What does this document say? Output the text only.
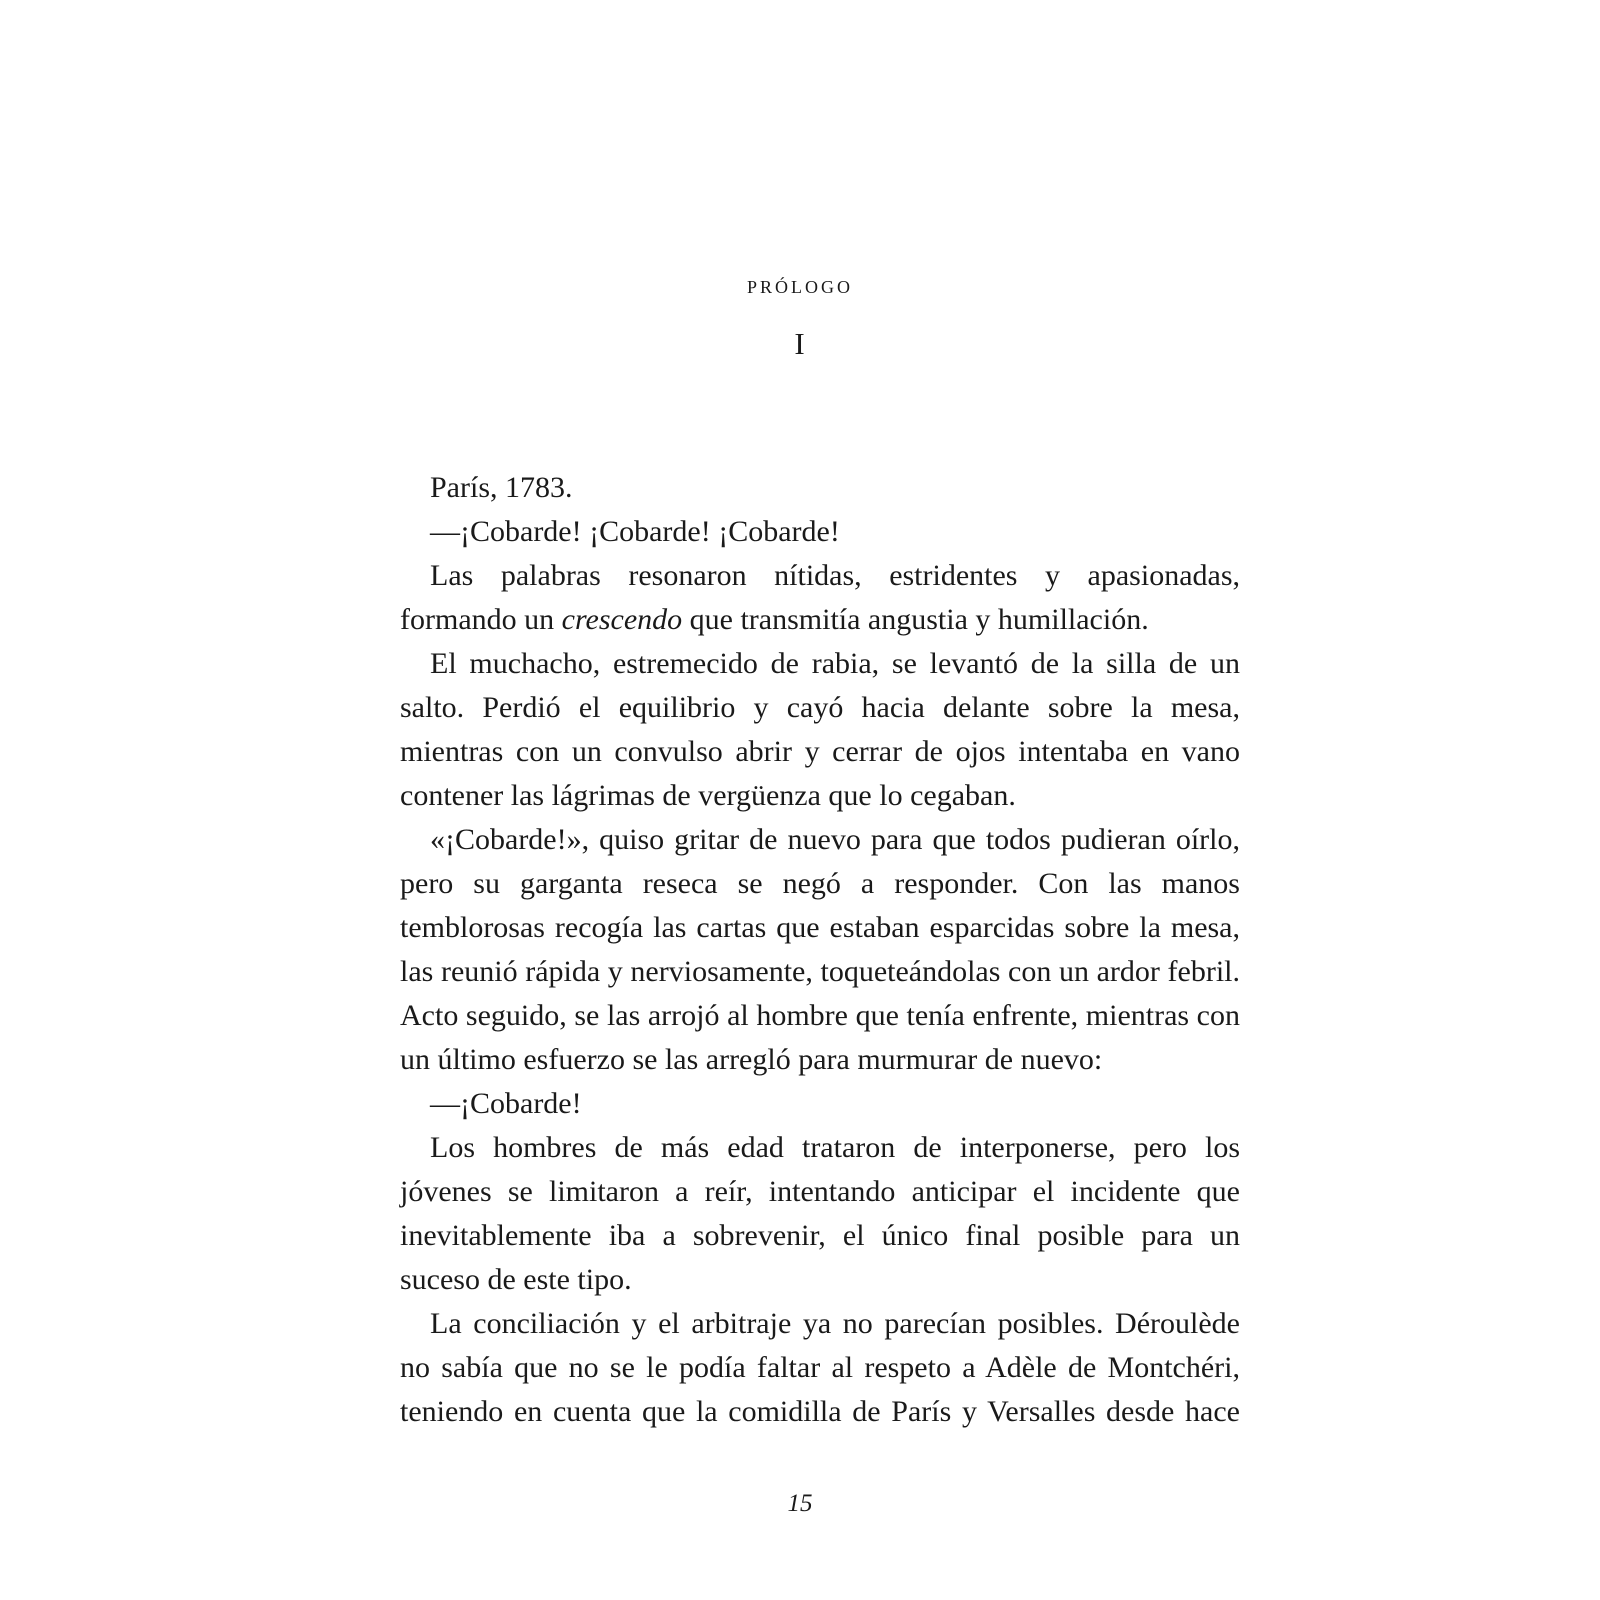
prólogo
I

París, 1783.

—¡Cobarde! ¡Cobarde! ¡Cobarde!

Las palabras resonaron nítidas, estridentes y apasionadas, formando un crescendo que transmitía angustia y humillación.

El muchacho, estremecido de rabia, se levantó de la silla de un salto. Perdió el equilibrio y cayó hacia delante sobre la mesa, mientras con un convulso abrir y cerrar de ojos intentaba en vano contener las lágrimas de vergüenza que lo cegaban.

«¡Cobarde!», quiso gritar de nuevo para que todos pudieran oírlo, pero su garganta reseca se negó a responder. Con las manos temblorosas recogía las cartas que estaban esparcidas sobre la mesa, las reunió rápida y nerviosamente, toqueteándolas con un ardor febril. Acto seguido, se las arrojó al hombre que tenía enfrente, mientras con un último esfuerzo se las arregló para murmurar de nuevo:

—¡Cobarde!

Los hombres de más edad trataron de interponerse, pero los jóvenes se limitaron a reír, intentando anticipar el incidente que inevitablemente iba a sobrevenir, el único final posible para un suceso de este tipo.

La conciliación y el arbitraje ya no parecían posibles. Déroulède no sabía que no se le podía faltar al respeto a Adèle de Montchéri, teniendo en cuenta que la comidilla de París y Versalles desde hace

15
